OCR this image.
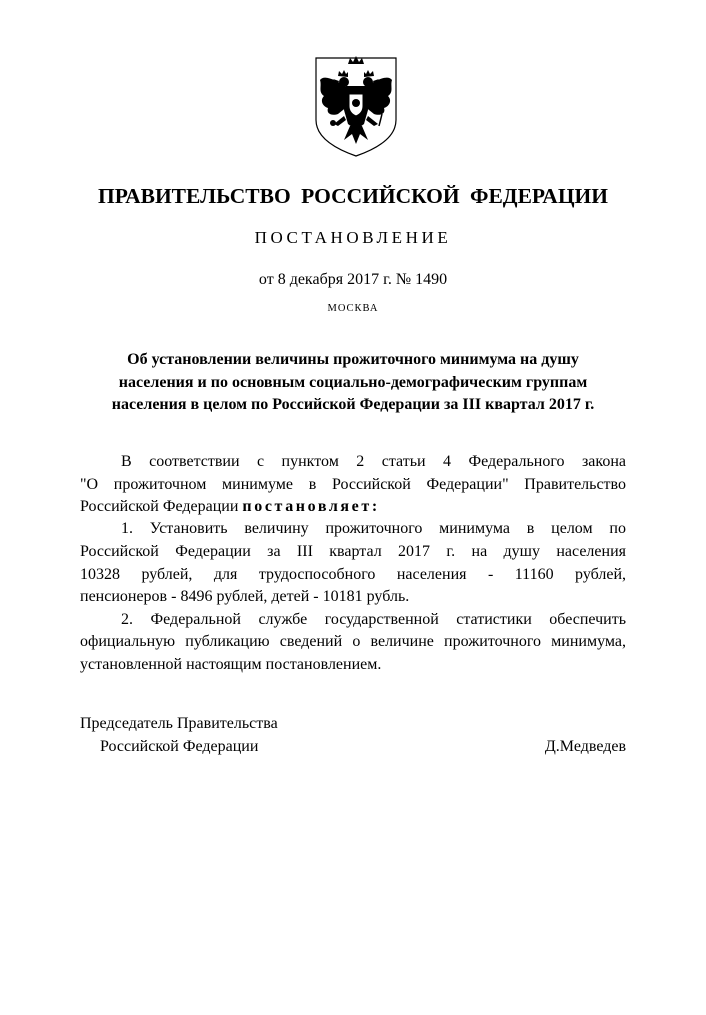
ПРАВИТЕЛЬСТВО РОССИЙСКОЙ ФЕДЕРАЦИИ
ПОСТАНОВЛЕНИЕ
от 8 декабря 2017 г. № 1490
МОСКВА
Об установлении величины прожиточного минимума на душу
населения и по основным социально-демографическим группам
населения в целом по Российской Федерации за III квартал 2017 г.
В соответствии с пунктом 2 статьи 4 Федерального закона
"О прожиточном минимуме в Российской Федерации" Правительство
Российской Федерации постановляет:
1. Установить величину прожиточного минимума в целом по
Российской Федерации за III квартал 2017 г. на душу населения
10328 рублей, для трудоспособного населения - 11160 рублей,
пенсионеров - 8496 рублей, детей - 10181 рубль.
2. Федеральной службе государственной статистики обеспечить
официальную публикацию сведений о величине прожиточного минимума,
установленной настоящим постановлением.
Председатель Правительства
Российской Федерации	Д.Медведев
